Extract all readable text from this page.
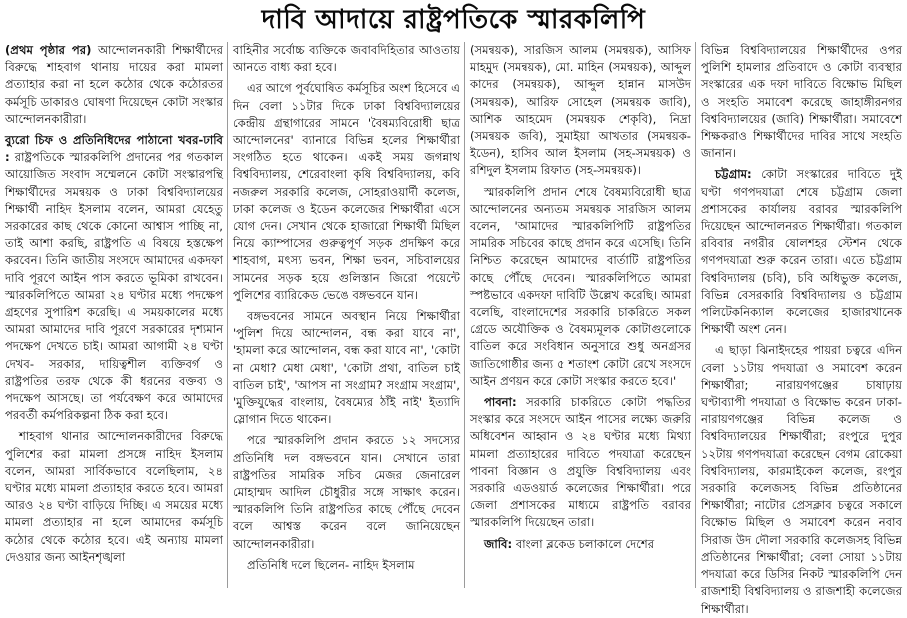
দাবি আদায়ে রাষ্ট্রপতিকে স্মারকলিপি

(প্রথম পৃষ্ঠার পর) আন্দোলনকারী শিক্ষার্থীদের বিরুদ্ধে শাহবাগ থানায় দায়ের করা মামলা প্রত্যাহার করা না হলে কঠোর থেকে কঠোরতর কর্মসূচি ডাকারও ঘোষণা দিয়েছেন কোটা সংস্কার আন্দোলনকারীরা।

ব্যুরো চিফ ও প্রতিনিধিদের পাঠানো খবর-ঢাবি : রাষ্ট্রপতিকে স্মারকলিপি প্রদানের পর গতকাল আয়োজিত সংবাদ সম্মেলনে কোটা সংস্কারপন্থি শিক্ষার্থীদের সমন্বয়ক ও ঢাকা বিশ্ববিদ্যালয়ের শিক্ষার্থী নাহিদ ইসলাম বলেন, আমরা যেহেতু সরকারের কাছ থেকে কোনো আশ্বাস পাচ্ছি না, তাই আশা করছি, রাষ্ট্রপতি এ বিষয়ে হস্তক্ষেপ করবেন। তিনি জাতীয় সংসদে আমাদের একদফা দাবি পূরণে আইন পাস করতে ভূমিকা রাখবেন। স্মারকলিপিতে আমরা ২৪ ঘণ্টার মধ্যে পদক্ষেপ গ্রহণের সুপারিশ করেছি। এ সময়কালের মধ্যে আমরা আমাদের দাবি পূরণে সরকারের দৃশ্যমান পদক্ষেপ দেখতে চাই। আমরা আগামী ২৪ ঘণ্টা দেখব- সরকার, দায়িত্বশীল ব্যক্তিবর্গ ও রাষ্ট্রপতির তরফ থেকে কী ধরনের বক্তব্য ও পদক্ষেপ আসছে। তা পর্যবেক্ষণ করে আমাদের পরবর্তী কর্মপরিকল্পনা ঠিক করা হবে।

শাহবাগ থানার আন্দোলনকারীদের বিরুদ্ধে পুলিশের করা মামলা প্রসঙ্গে নাহিদ ইসলাম বলেন, আমরা সার্বিকভাবে বলেছিলাম, ২৪ ঘণ্টার মধ্যে মামলা প্রত্যাহার করতে হবে। আমরা আরও ২৪ ঘণ্টা বাড়িয়ে দিচ্ছি। এ সময়ের মধ্যে মামলা প্রত্যাহার না হলে আমাদের কর্মসূচি কঠোর থেকে কঠোর হবে। এই অন্যায় মামলা দেওয়ার জন্য আইনশৃঙ্খলা

বাহিনীর সর্বোচ্চ ব্যক্তিকে জবাবদিহিতার আওতায় আনতে বাধ্য করা হবে।

এর আগে পূর্বঘোষিত কর্মসূচির অংশ হিসেবে এ দিন বেলা ১১টার দিকে ঢাকা বিশ্ববিদ্যালয়ের কেন্দ্রীয় গ্রন্থাগারের সামনে 'বৈষম্যবিরোধী ছাত্র আন্দোলনের' ব্যানারে বিভিন্ন হলের শিক্ষার্থীরা সংগঠিত হতে থাকেন। একই সময় জগন্নাথ বিশ্ববিদ্যালয়, শেরেবাংলা কৃষি বিশ্ববিদ্যালয়, কবি নজরুল সরকারি কলেজ, সোহরাওয়ার্দী কলেজ, ঢাকা কলেজ ও ইডেন কলেজের শিক্ষার্থীরা এসে যোগ দেন। সেখান থেকে হাজারো শিক্ষার্থী মিছিল নিয়ে ক্যাম্পাসের গুরুত্বপূর্ণ সড়ক প্রদক্ষিণ করে শাহবাগ, মৎস্য ভবন, শিক্ষা ভবন, সচিবালয়ের সামনের সড়ক হয়ে গুলিস্তান জিরো পয়েন্টে পুলিশের ব্যারিকেড ভেঙে বঙ্গভবনে যান।

বঙ্গভবনের সামনে অবস্থান নিয়ে শিক্ষার্থীরা 'পুলিশ দিয়ে আন্দোলন, বন্ধ করা যাবে না', 'হামলা করে আন্দোলন, বন্ধ করা যাবে না', 'কোটা না মেধা? মেধা মেধা', 'কোটা প্রথা, বাতিল চাই বাতিল চাই', 'আপস না সংগ্রাম? সংগ্রাম সংগ্রাম', 'মুক্তিযুদ্ধের বাংলায়, বৈষম্যের ঠাঁই নাই' ইত্যাদি স্লোগান দিতে থাকেন।

পরে স্মারকলিপি প্রদান করতে ১২ সদস্যের প্রতিনিধি দল বঙ্গভবনে যান। সেখানে তারা রাষ্ট্রপতির সামরিক সচিব মেজর জেনারেল মোহাম্মদ আদিল চৌধুরীর সঙ্গে সাক্ষাৎ করেন। স্মারকলিপি তিনি রাষ্ট্রপতির কাছে পৌঁছে দেবেন বলে আশ্বস্ত করেন বলে জানিয়েছেন আন্দোলনকারীরা।

প্রতিনিধি দলে ছিলেন- নাহিদ ইসলাম

(সমন্বয়ক), সারজিস আলম (সমন্বয়ক), আসিফ মাহমুদ (সমন্বয়ক), মো. মাহিন (সমন্বয়ক), আব্দুল কাদের (সমন্বয়ক), আব্দুল হান্নান মাসউদ (সমন্বয়ক), আরিফ সোহেল (সমন্বয়ক জাবি), আশিক আহমেদ (সমন্বয়ক শেকৃবি), নিদ্রা (সমন্বয়ক জবি), সুমাইয়া আখতার (সমন্বয়ক- ইডেন), হাসিব আল ইসলাম (সহ-সমন্বয়ক) ও রশিদুল ইসলাম রিফাত (সহ-সমন্বয়ক)।

স্মারকলিপি প্রদান শেষে বৈষম্যবিরোধী ছাত্র আন্দোলনের অন্যতম সমন্বয়ক সারজিস আলম বলেন, 'আমাদের স্মারকলিপিটি রাষ্ট্রপতির সামরিক সচিবের কাছে প্রদান করে এসেছি। তিনি নিশ্চিত করেছেন আমাদের বার্তাটি রাষ্ট্রপতির কাছে পৌঁছে দেবেন। স্মারকলিপিতে আমরা স্পষ্টভাবে একদফা দাবিটি উল্লেখ করেছি। আমরা বলেছি, বাংলাদেশের সরকারি চাকরিতে সকল গ্রেডে অযৌক্তিক ও বৈষম্যমূলক কোটাগুলোকে বাতিল করে সংবিধান অনুসারে শুধু অনগ্রসর জাতিগোষ্ঠীর জন্য ৫ শতাংশ কোটা রেখে সংসদে আইন প্রণয়ন করে কোটা সংস্কার করতে হবে।'

পাবনা: সরকারি চাকরিতে কোটা পদ্ধতির সংস্কার করে সংসদে আইন পাসের লক্ষ্যে জরুরি অধিবেশন আহ্বান ও ২৪ ঘণ্টার মধ্যে মিথ্যা মামলা প্রত্যাহারের দাবিতে পদযাত্রা করেছেন পাবনা বিজ্ঞান ও প্রযুক্তি বিশ্ববিদ্যালয় এবং সরকারি এডওয়ার্ড কলেজের শিক্ষার্থীরা। পরে জেলা প্রশাসকের মাধ্যমে রাষ্ট্রপতি বরাবর স্মারকলিপি দিয়েছেন তারা।

জাবি: বাংলা ব্লকেড চলাকালে দেশের

বিভিন্ন বিশ্ববিদ্যালয়ের শিক্ষার্থীদের ওপর পুলিশি হামলার প্রতিবাদে ও কোটা ব্যবস্থার সংস্কারের এক দফা দাবিতে বিক্ষোভ মিছিল ও সংহতি সমাবেশ করেছে জাহাঙ্গীরনগর বিশ্ববিদ্যালয়ের (জাবি) শিক্ষার্থীরা। সমাবেশে শিক্ষকরাও শিক্ষার্থীদের দাবির সাথে সংহতি জানান।

চট্টগ্রাম: কোটা সংস্কারের দাবিতে দুই ঘণ্টা গণপদযাত্রা শেষে চট্টগ্রাম জেলা প্রশাসকের কার্যালয় বরাবর স্মারকলিপি দিয়েছেন আন্দোলনরত শিক্ষার্থীরা। গতকাল রবিবার নগরীর ষোলশহর স্টেশন থেকে গণপদযাত্রা শুরু করেন তারা। এতে চট্টগ্রাম বিশ্ববিদ্যালয় (চবি), চবি অধিভুক্ত কলেজ, বিভিন্ন বেসরকারি বিশ্ববিদ্যালয় ও চট্টগ্রাম পলিটেকনিক্যাল কলেজের হাজারখানেক শিক্ষার্থী অংশ নেন।

এ ছাড়া ঝিনাইদহের পায়রা চত্বরে এদিন বেলা ১১টায় পদযাত্রা ও সমাবেশ করেন শিক্ষার্থীরা; নারায়ণগঞ্জের চাষাঢ়ায় ঘণ্টাব্যাপী পদযাত্রা ও বিক্ষোভ করেন ঢাকা-নারায়ণগঞ্জের বিভিন্ন কলেজ ও বিশ্ববিদ্যালয়ের শিক্ষার্থীরা; রংপুরে দুপুর ১২টায় গণপদযাত্রা করেছেন বেগম রোকেয়া বিশ্ববিদ্যালয়, কারমাইকেল কলেজ, রংপুর সরকারি কলেজসহ বিভিন্ন প্রতিষ্ঠানের শিক্ষার্থীরা; নাটোর প্রেসক্লাব চত্বরে সকালে বিক্ষোভ মিছিল ও সমাবেশ করেন নবাব সিরাজ উদ দৌলা সরকারি কলেজসহ বিভিন্ন প্রতিষ্ঠানের শিক্ষার্থীরা; বেলা সোয়া ১১টায় পদযাত্রা করে ডিসির নিকট স্মারকলিপি দেন রাজশাহী বিশ্ববিদ্যালয় ও রাজশাহী কলেজের শিক্ষার্থীরা।
